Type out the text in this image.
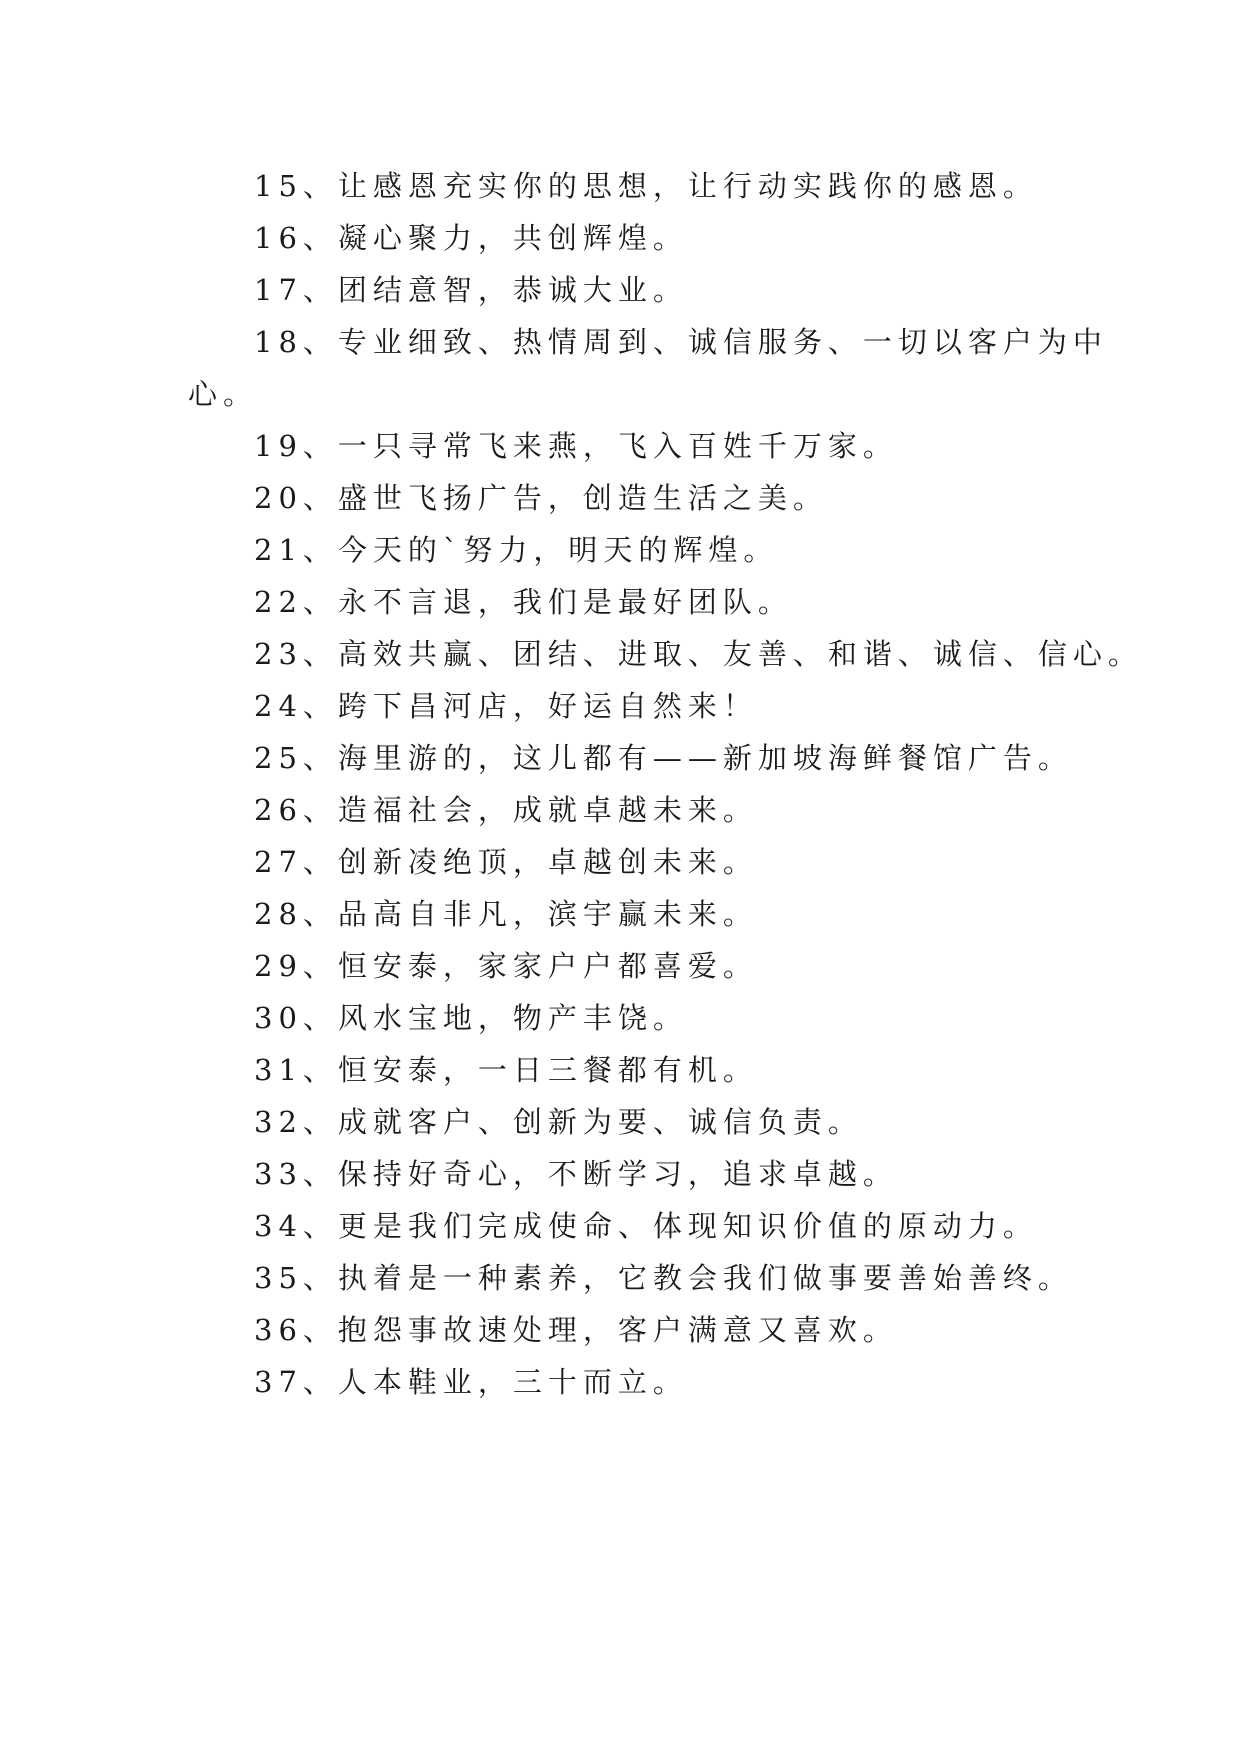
15、让感恩充实你的思想，让行动实践你的感恩。
16、凝心聚力，共创辉煌。
17、团结意智，恭诚大业。
18、专业细致、热情周到、诚信服务、一切以客户为中
心。
19、一只寻常飞来燕，飞入百姓千万家。
20、盛世飞扬广告，创造生活之美。
21、今天的`努力，明天的辉煌。
22、永不言退，我们是最好团队。
23、高效共赢、团结、进取、友善、和谐、诚信、信心。
24、跨下昌河店，好运自然来！
25、海里游的，这儿都有——新加坡海鲜餐馆广告。
26、造福社会，成就卓越未来。
27、创新凌绝顶，卓越创未来。
28、品高自非凡，滨宇赢未来。
29、恒安泰，家家户户都喜爱。
30、风水宝地，物产丰饶。
31、恒安泰，一日三餐都有机。
32、成就客户、创新为要、诚信负责。
33、保持好奇心，不断学习，追求卓越。
34、更是我们完成使命、体现知识价值的原动力。
35、执着是一种素养，它教会我们做事要善始善终。
36、抱怨事故速处理，客户满意又喜欢。
37、人本鞋业，三十而立。
